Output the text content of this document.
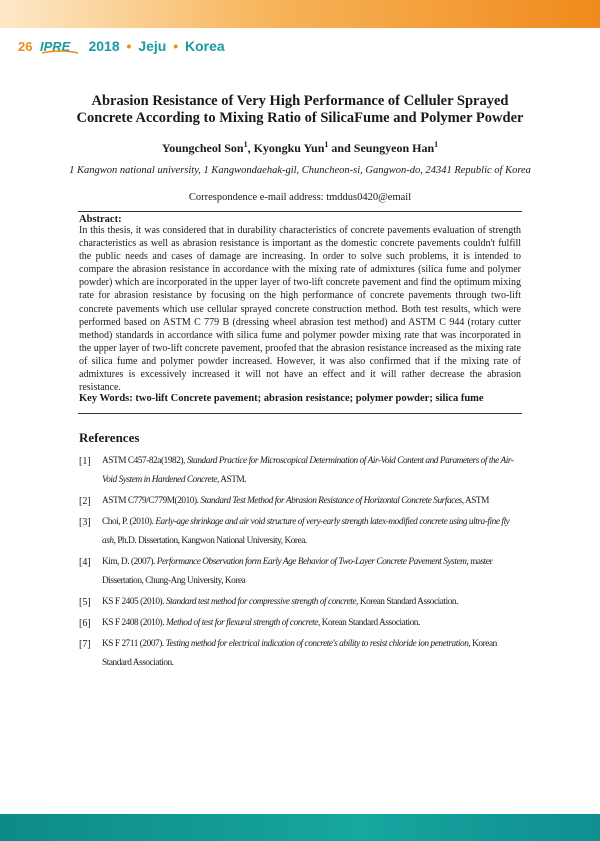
26 IPRE 2018 • Jeju • Korea
Abrasion Resistance of Very High Performance of Celluler Sprayed
Concrete According to Mixing Ratio of SilicaFume and Polymer Powder
Youngcheol Son$^1$, Kyongku Yun$^1$ and Seungyeon Han$^1$
1 Kangwon national university, 1 Kangwondaehak-gil, Chuncheon-si, Gangwon-do, 24341 Republic of Korea
Correspondence e-mail address: tmddus0420@email
Abstract:
In this thesis, it was considered that in durability characteristics of concrete pavements evaluation of strength characteristics as well as abrasion resistance is important as the domestic concrete pavements couldn't fulfill the public needs and cases of damage are increasing. In order to solve such problems, it is intended to compare the abrasion resistance in accordance with the mixing rate of admixtures (silica fume and polymer powder) which are incorporated in the upper layer of two-lift concrete pavement and find the optimum mixing rate for abrasion resistance by focusing on the high performance of concrete pavements through two-lift concrete pavements which use cellular sprayed concrete construction method. Both test results, which were performed based on ASTM C 779 B (dressing wheel abrasion test method) and ASTM C 944 (rotary cutter method) standards in accordance with silica fume and polymer powder mixing rate that was incorporated in the upper layer of two-lift concrete pavement, proofed that the abrasion resistance increased as the mixing rate of silica fume and polymer powder increased. However, it was also confirmed that if the mixing rate of admixtures is excessively increased it will not have an effect and it will rather decrease the abrasion resistance.
Key Words: two-lift Concrete pavement; abrasion resistance; polymer powder; silica fume
References
[1]	ASTM C457-82a(1982), Standard Practice for Microscopical Determination of Air-Void Content and Parameters of the Air-Void System in Hardened Concrete, ASTM.
[2]	ASTM C779/C779M(2010). Standard Test Method for Abrasion Resistance of Horizontal Concrete Surfaces, ASTM
[3]	Choi, P. (2010). Early-age shrinkage and air void structure of very-early strength latex-modified concrete using ultra-fine fly ash, Ph.D. Dissertation, Kangwon National University, Korea.
[4]	Kim, D. (2007). Performance Observation form Early Age Behavior of Two-Layer Concrete Pavement System, master Dissertation, Chung-Ang University, Korea
[5]	KS F 2405 (2010). Standard test method for compressive strength of concrete, Korean Standard Association.
[6]	KS F 2408 (2010). Method of test for flexural strength of concrete, Korean Standard Association.
[7]	KS F 2711 (2007). Testing method for electrical indication of concrete's ability to resist chloride ion penetration, Korean Standard Association.
